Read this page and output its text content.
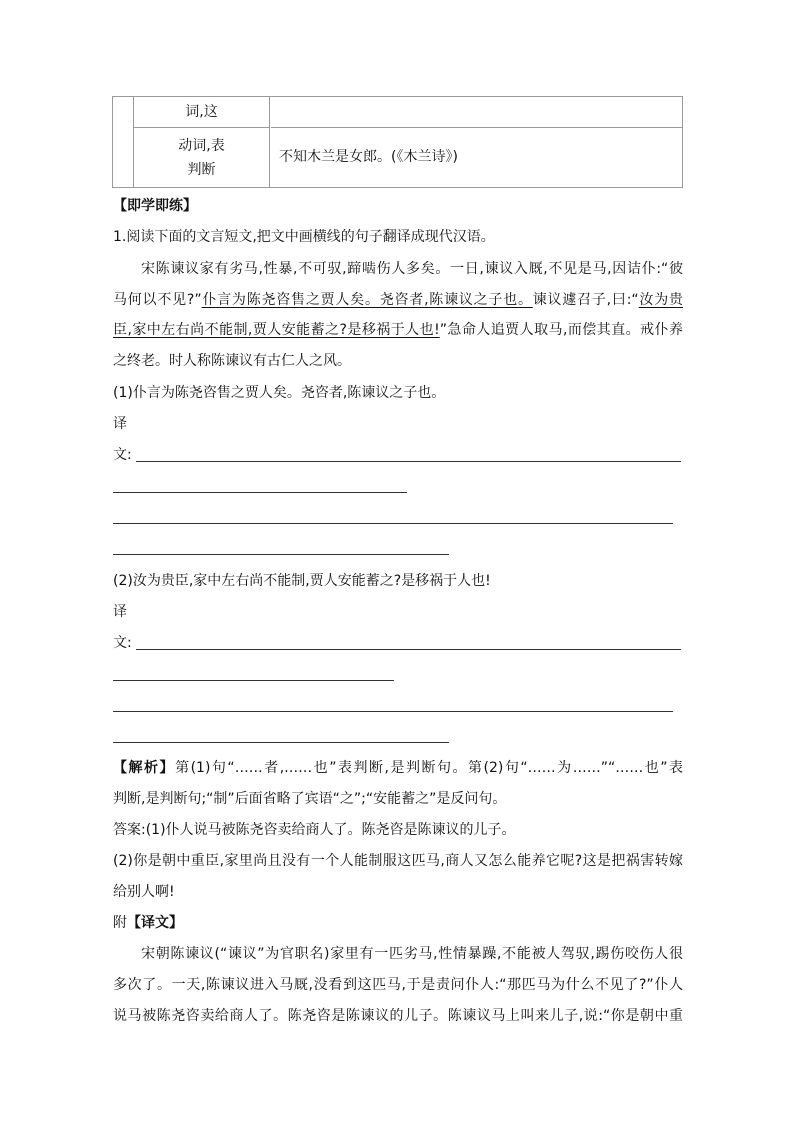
词,这
动词,表
判断
不知木兰是女郎。(《木兰诗》)
【即学即练】
1.阅读下面的文言短文,把文中画横线的句子翻译成现代汉语。
宋陈谏议家有劣马,性暴,不可驭,蹄啮伤人多矣。一日,谏议入厩,不见是马,因诘仆:“彼
马何以不见?”仆言为陈尧咨售之贾人矣。尧咨者,陈谏议之子也。谏议遽召子,曰:“汝为贵
臣,家中左右尚不能制,贾人安能蓄之?是移祸于人也!”急命人追贾人取马,而偿其直。戒仆养
之终老。时人称陈谏议有古仁人之风。
(1)仆言为陈尧咨售之贾人矣。尧咨者,陈谏议之子也。
译
文:
(2)汝为贵臣,家中左右尚不能制,贾人安能蓄之?是移祸于人也!
译
文:
【解析】第(1)句“……者,……也”表判断,是判断句。第(2)句“……为……”“……也”表
判断,是判断句;“制”后面省略了宾语“之”;“安能蓄之”是反问句。
答案:(1)仆人说马被陈尧咨卖给商人了。陈尧咨是陈谏议的儿子。
(2)你是朝中重臣,家里尚且没有一个人能制服这匹马,商人又怎么能养它呢?这是把祸害转嫁
给别人啊!
附【译文】
宋朝陈谏议(“谏议”为官职名)家里有一匹劣马,性情暴躁,不能被人驾驭,踢伤咬伤人很
多次了。一天,陈谏议进入马厩,没看到这匹马,于是责问仆人:“那匹马为什么不见了?”仆人
说马被陈尧咨卖给商人了。陈尧咨是陈谏议的儿子。陈谏议马上叫来儿子,说:“你是朝中重
